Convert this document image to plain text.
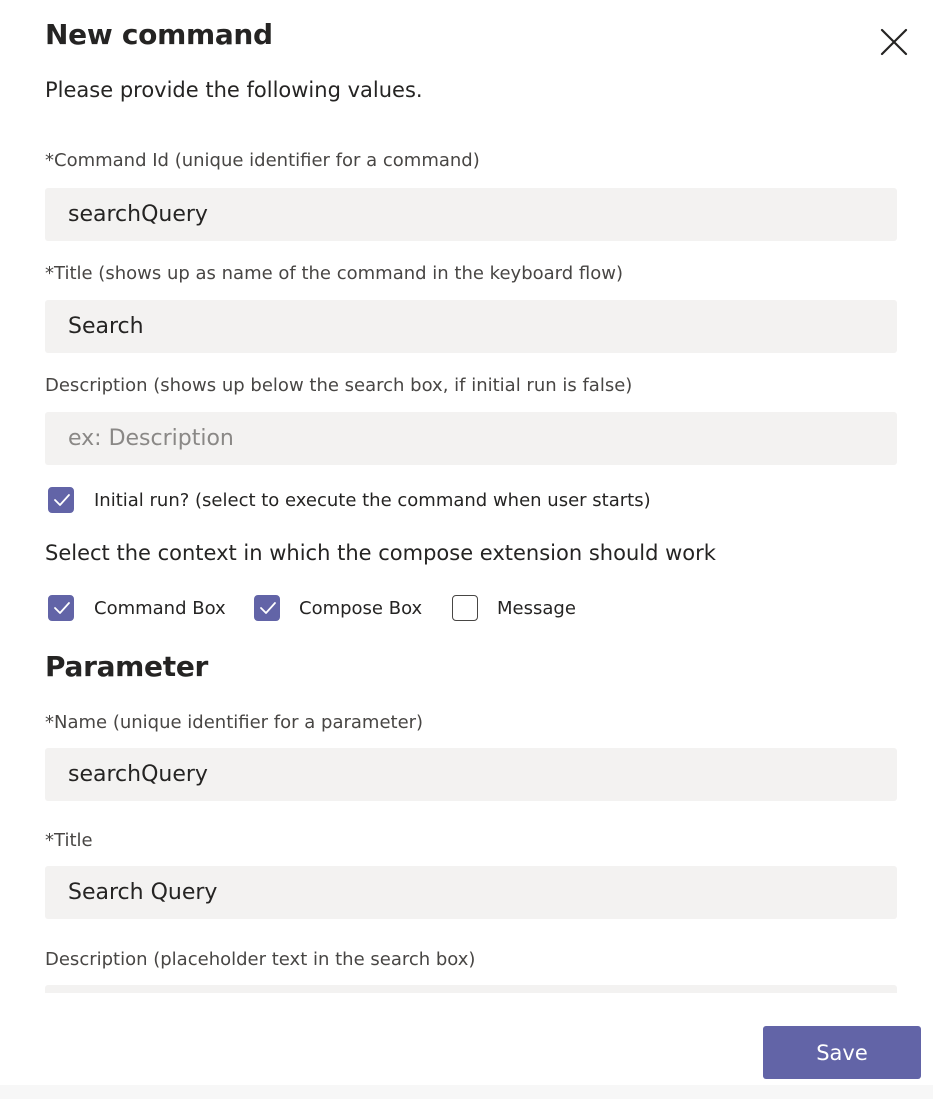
New command
Please provide the following values.
*Command Id (unique identifier for a command)
searchQuery
*Title (shows up as name of the command in the keyboard flow)
Search
Description (shows up below the search box, if initial run is false)
ex: Description
Initial run? (select to execute the command when user starts)
Select the context in which the compose extension should work
Command Box	Compose Box	Message
Parameter
*Name (unique identifier for a parameter)
searchQuery
*Title
Search Query
Description (placeholder text in the search box)
Save
